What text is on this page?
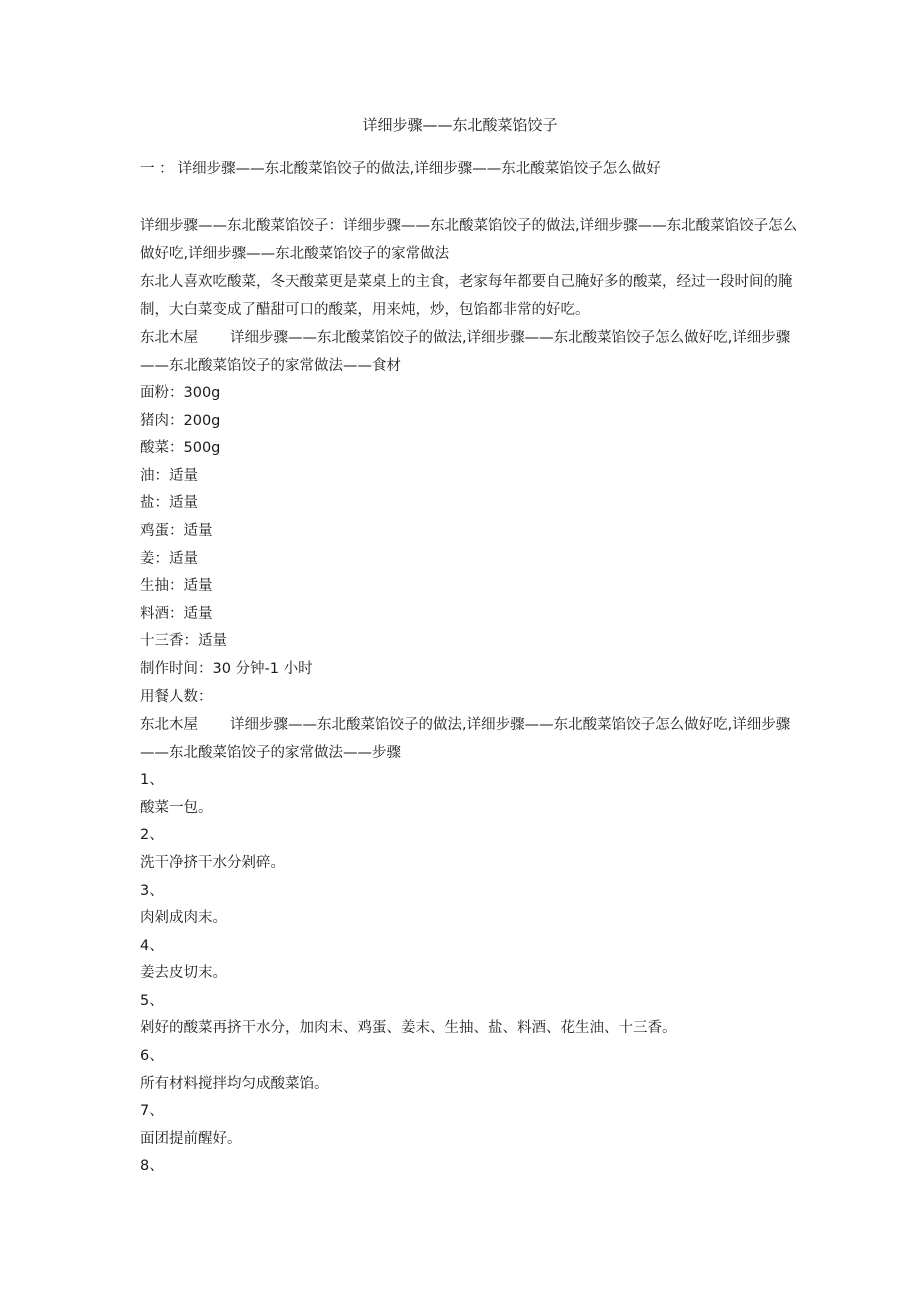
详细步骤——东北酸菜馅饺子
一 ： 详细步骤——东北酸菜馅饺子的做法,详细步骤——东北酸菜馅饺子怎么做好

详细步骤——东北酸菜馅饺子：详细步骤——东北酸菜馅饺子的做法,详细步骤——东北酸菜馅饺子怎么做好吃,详细步骤——东北酸菜馅饺子的家常做法

东北人喜欢吃酸菜，冬天酸菜更是菜桌上的主食，老家每年都要自己腌好多的酸菜，经过一段时间的腌制，大白菜变成了醋甜可口的酸菜，用来炖，炒，包馅都非常的好吃。

东北木屋 详细步骤——东北酸菜馅饺子的做法,详细步骤——东北酸菜馅饺子怎么做好吃,详细步骤——东北酸菜馅饺子的家常做法——食材

面粉：300g

猪肉：200g

酸菜：500g

油：适量

盐：适量

鸡蛋：适量

姜：适量

生抽：适量

料酒：适量

十三香：适量

制作时间：30 分钟-1 小时

用餐人数：

东北木屋 详细步骤——东北酸菜馅饺子的做法,详细步骤——东北酸菜馅饺子怎么做好吃,详细步骤——东北酸菜馅饺子的家常做法——步骤

1、

酸菜一包。

2、

洗干净挤干水分剁碎。

3、

肉剁成肉末。

4、

姜去皮切末。

5、

剁好的酸菜再挤干水分，加肉末、鸡蛋、姜末、生抽、盐、料酒、花生油、十三香。

6、

所有材料搅拌均匀成酸菜馅。

7、

面团提前醒好。

8、
